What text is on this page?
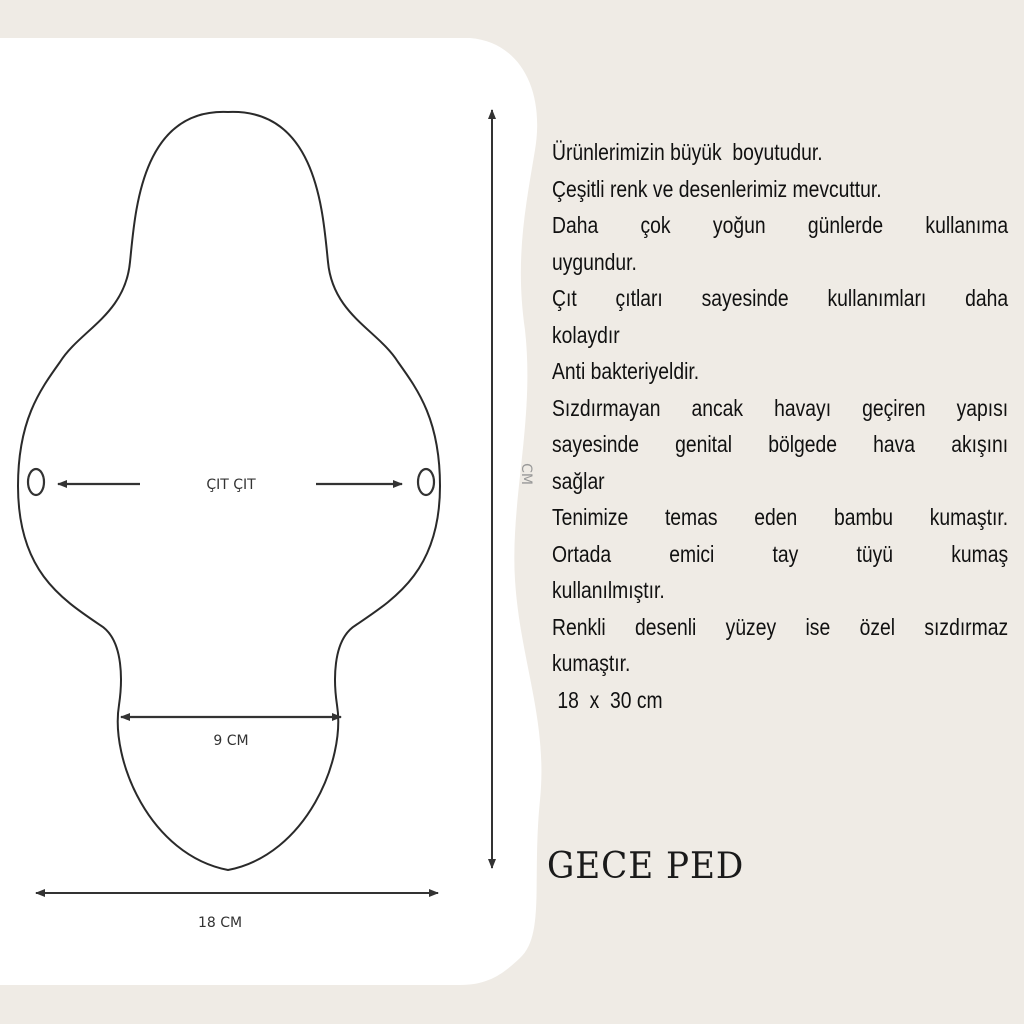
ÇIT ÇIT
9 CM
18 CM
CM
Ürünlerimizin büyük  boyutudur.
Çeşitli renk ve desenlerimiz mevcuttur.
Daha çok yoğun günlerde kullanıma
uygundur.
Çıt çıtları sayesinde kullanımları daha
kolaydır
Anti bakteriyeldir.
Sızdırmayan ancak havayı geçiren yapısı
sayesinde genital bölgede hava akışını
sağlar
Tenimize temas eden bambu kumaştır.
Ortada emici tay tüyü kumaş
kullanılmıştır.
Renkli desenli yüzey ise özel sızdırmaz
kumaştır.
18  x  30 cm
GECE PED
